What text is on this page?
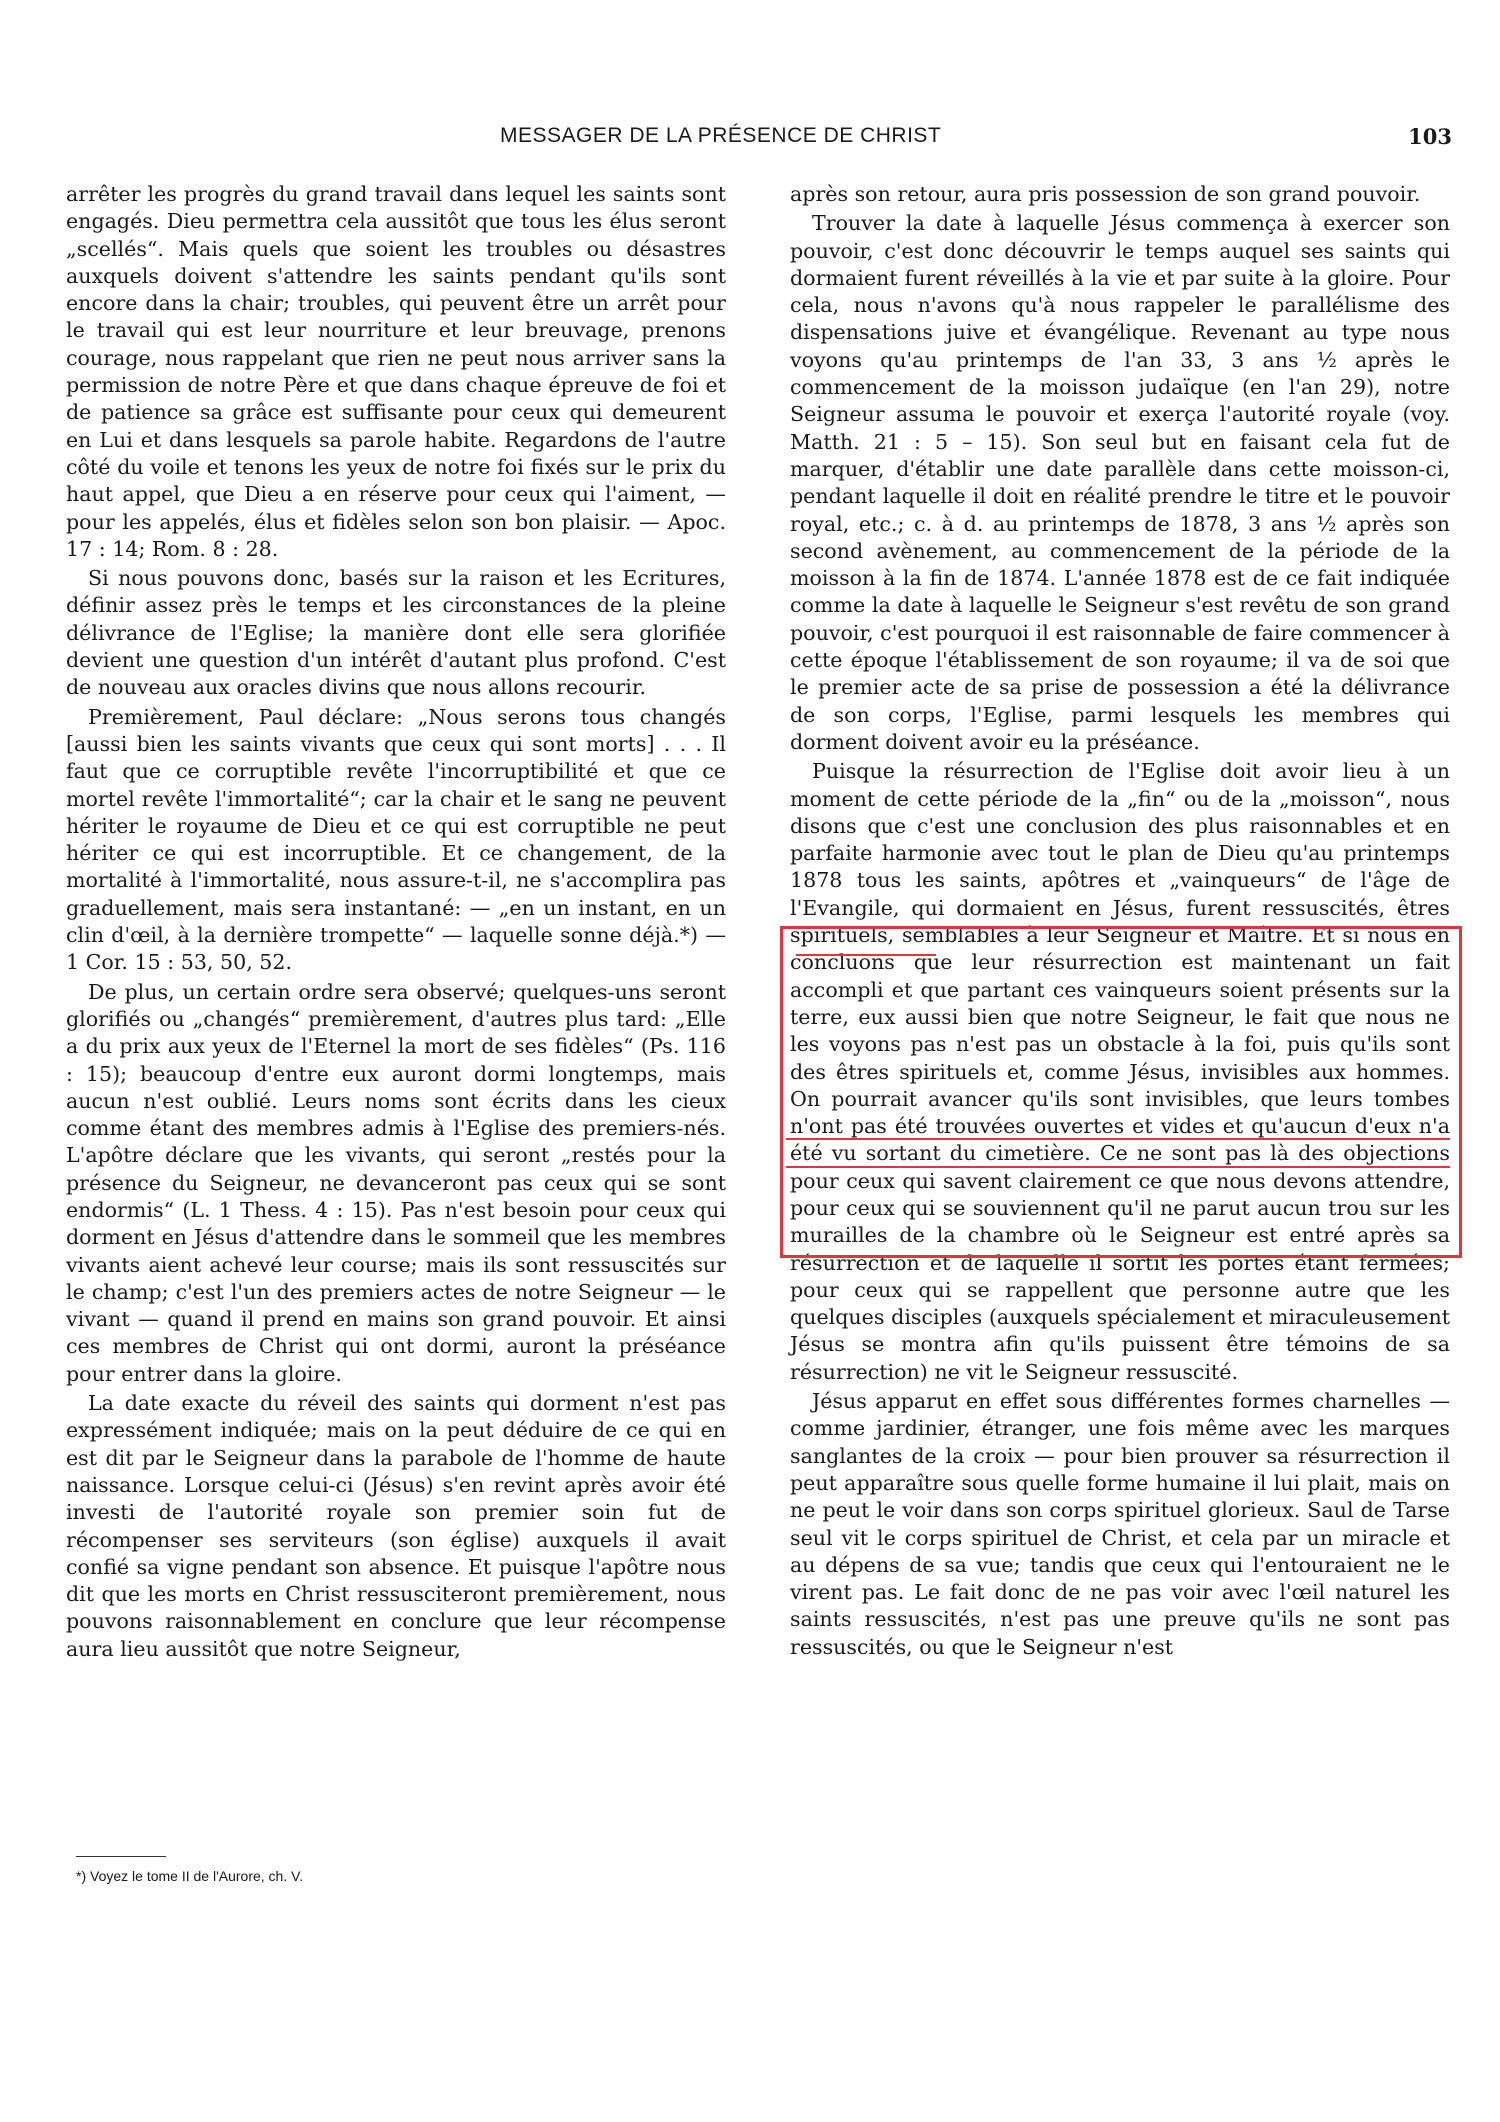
MESSAGER DE LA PRÉSENCE DE CHRIST	103

arrêter les progrès du grand travail dans lequel les saints sont engagés. Dieu permettra cela aussitôt que tous les élus seront „scellés“. Mais quels que soient les troubles ou désastres auxquels doivent s'attendre les saints pendant qu'ils sont encore dans la chair; troubles, qui peuvent être un arrêt pour le travail qui est leur nourriture et leur breuvage, prenons courage, nous rappelant que rien ne peut nous arriver sans la permission de notre Père et que dans chaque épreuve de foi et de patience sa grâce est suffisante pour ceux qui demeurent en Lui et dans lesquels sa parole habite. Regardons de l'autre côté du voile et tenons les yeux de notre foi fixés sur le prix du haut appel, que Dieu a en réserve pour ceux qui l'aiment, — pour les appelés, élus et fidèles selon son bon plaisir. — Apoc. 17 : 14; Rom. 8 : 28.

Si nous pouvons donc, basés sur la raison et les Ecritures, définir assez près le temps et les circonstances de la pleine délivrance de l'Eglise; la manière dont elle sera glorifiée devient une question d'un intérêt d'autant plus profond. C'est de nouveau aux oracles divins que nous allons recourir.

Premièrement, Paul déclare: „Nous serons tous changés [aussi bien les saints vivants que ceux qui sont morts] . . . Il faut que ce corruptible revête l'incorruptibilité et que ce mortel revête l'immortalité“; car la chair et le sang ne peuvent hériter le royaume de Dieu et ce qui est corruptible ne peut hériter ce qui est incorruptible. Et ce changement, de la mortalité à l'immortalité, nous assure-t-il, ne s'accomplira pas graduellement, mais sera instantané: — „en un instant, en un clin d'œil, à la dernière trompette“ — laquelle sonne déjà.*) — 1 Cor. 15 : 53, 50, 52.

De plus, un certain ordre sera observé; quelques-uns seront glorifiés ou „changés“ premièrement, d'autres plus tard: „Elle a du prix aux yeux de l'Eternel la mort de ses fidèles“ (Ps. 116 : 15); beaucoup d'entre eux auront dormi longtemps, mais aucun n'est oublié. Leurs noms sont écrits dans les cieux comme étant des membres admis à l'Eglise des premiers-nés. L'apôtre déclare que les vivants, qui seront „restés pour la présence du Seigneur, ne devanceront pas ceux qui se sont endormis“ (L. 1 Thess. 4 : 15). Pas n'est besoin pour ceux qui dorment en Jésus d'attendre dans le sommeil que les membres vivants aient achevé leur course; mais ils sont ressuscités sur le champ; c'est l'un des premiers actes de notre Seigneur — le vivant — quand il prend en mains son grand pouvoir. Et ainsi ces membres de Christ qui ont dormi, auront la préséance pour entrer dans la gloire.

La date exacte du réveil des saints qui dorment n'est pas expressément indiquée; mais on la peut déduire de ce qui en est dit par le Seigneur dans la parabole de l'homme de haute naissance. Lorsque celui-ci (Jésus) s'en revint après avoir été investi de l'autorité royale son premier soin fut de récompenser ses serviteurs (son église) auxquels il avait confié sa vigne pendant son absence. Et puisque l'apôtre nous dit que les morts en Christ ressusciteront premièrement, nous pouvons raisonnablement en conclure que leur récompense aura lieu aussitôt que notre Seigneur,

*) Voyez le tome II de l'Aurore, ch. V.

après son retour, aura pris possession de son grand pouvoir.

Trouver la date à laquelle Jésus commença à exercer son pouvoir, c'est donc découvrir le temps auquel ses saints qui dormaient furent réveillés à la vie et par suite à la gloire. Pour cela, nous n'avons qu'à nous rappeler le parallélisme des dispensations juive et évangélique. Revenant au type nous voyons qu'au printemps de l'an 33, 3 ans ½ après le commencement de la moisson judaïque (en l'an 29), notre Seigneur assuma le pouvoir et exerça l'autorité royale (voy. Matth. 21 : 5 – 15). Son seul but en faisant cela fut de marquer, d'établir une date parallèle dans cette moisson-ci, pendant laquelle il doit en réalité prendre le titre et le pouvoir royal, etc.; c. à d. au printemps de 1878, 3 ans ½ après son second avènement, au commencement de la période de la moisson à la fin de 1874. L'année 1878 est de ce fait indiquée comme la date à laquelle le Seigneur s'est revêtu de son grand pouvoir, c'est pourquoi il est raisonnable de faire commencer à cette époque l'établissement de son royaume; il va de soi que le premier acte de sa prise de possession a été la délivrance de son corps, l'Eglise, parmi lesquels les membres qui dorment doivent avoir eu la préséance.

Puisque la résurrection de l'Eglise doit avoir lieu à un moment de cette période de la „fin“ ou de la „moisson“, nous disons que c'est une conclusion des plus raisonnables et en parfaite harmonie avec tout le plan de Dieu qu'au printemps 1878 tous les saints, apôtres et „vainqueurs“ de l'âge de l'Evangile, qui dormaient en Jésus, furent ressuscités, êtres spirituels, semblables à leur Seigneur et Maître. Et si nous en concluons que leur résurrection est maintenant un fait accompli et que partant ces vainqueurs soient présents sur la terre, eux aussi bien que notre Seigneur, le fait que nous ne les voyons pas n'est pas un obstacle à la foi, puis qu'ils sont des êtres spirituels et, comme Jésus, invisibles aux hommes. On pourrait avancer qu'ils sont invisibles, que leurs tombes n'ont pas été trouvées ouvertes et vides et qu'aucun d'eux n'a été vu sortant du cimetière. Ce ne sont pas là des objections pour ceux qui savent clairement ce que nous devons attendre, pour ceux qui se souviennent qu'il ne parut aucun trou sur les murailles de la chambre où le Seigneur est entré après sa résurrection et de laquelle il sortit les portes étant fermées; pour ceux qui se rappellent que personne autre que les quelques disciples (auxquels spécialement et miraculeusement Jésus se montra afin qu'ils puissent être témoins de sa résurrection) ne vit le Seigneur ressuscité.

Jésus apparut en effet sous différentes formes charnelles — comme jardinier, étranger, une fois même avec les marques sanglantes de la croix — pour bien prouver sa résurrection il peut apparaître sous quelle forme humaine il lui plait, mais on ne peut le voir dans son corps spirituel glorieux. Saul de Tarse seul vit le corps spirituel de Christ, et cela par un miracle et au dépens de sa vue; tandis que ceux qui l'entouraient ne le virent pas. Le fait donc de ne pas voir avec l'œil naturel les saints ressuscités, n'est pas une preuve qu'ils ne sont pas ressuscités, ou que le Seigneur n'est
